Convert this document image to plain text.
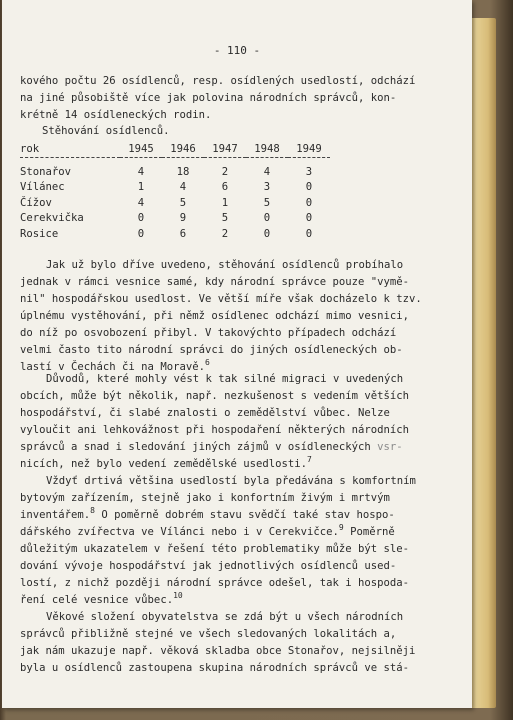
- 110 -
kového počtu 26 osídlenců, resp. osídlených usedlostí, odchází
na jiné působiště více jak polovina národních správců, kon-
krétně 14 osídleneckých rodin.
Stěhování osídlenců.
rok	1945	1946	1947	1948	1949
Stonařov	4	18	2	4	3
Vílánec	1	4	6	3	0
Čížov	4	5	1	5	0
Cerekvička	0	9	5	0	0
Rosice	0	6	2	0	0
Jak už bylo dříve uvedeno, stěhování osídlenců probíhalo
jednak v rámci vesnice samé, kdy národní správce pouze "vymě-
nil" hospodářskou usedlost. Ve větší míře však docházelo k tzv.
úplnému vystěhování, při němž osídlenec odchází mimo vesnici,
do níž po osvobození přibyl. V takovýchto případech odchází
velmi často tito národní správci do jiných osídleneckých ob-
lastí v Čechách či na Moravě.$^6$
Důvodů, které mohly vést k tak silné migraci v uvedených
obcích, může být několik, např. nezkušenost s vedením větších
hospodářství, či slabé znalosti o zemědělství vůbec. Nelze
vyloučit ani lehkovážnost při hospodaření některých národních
správců a snad i sledování jiných zájmů v osídleneckých vsr-
nicích, než bylo vedení zemědělské usedlosti.$^7$
Vždyť drtivá většina usedlostí byla předávána s komfortním
bytovým zařízením, stejně jako i konfortním živým i mrtvým
inventářem.$^8$ O poměrně dobrém stavu svědčí také stav hospo-
dářského zvířectva ve Vílánci nebo i v Cerekvičce.$^9$ Poměrně
důležitým ukazatelem v řešení této problematiky může být sle-
dování vývoje hospodářství jak jednotlivých osídlenců used-
lostí, z nichž později národní správce odešel, tak i hospoda-
ření celé vesnice vůbec.$^{10}$
Věkové složení obyvatelstva se zdá být u všech národních
správců přibližně stejné ve všech sledovaných lokalitách a,
jak nám ukazuje např. věková skladba obce Stonařov, nejsilněji
byla u osídlenců zastoupena skupina národních správců ve stá-
